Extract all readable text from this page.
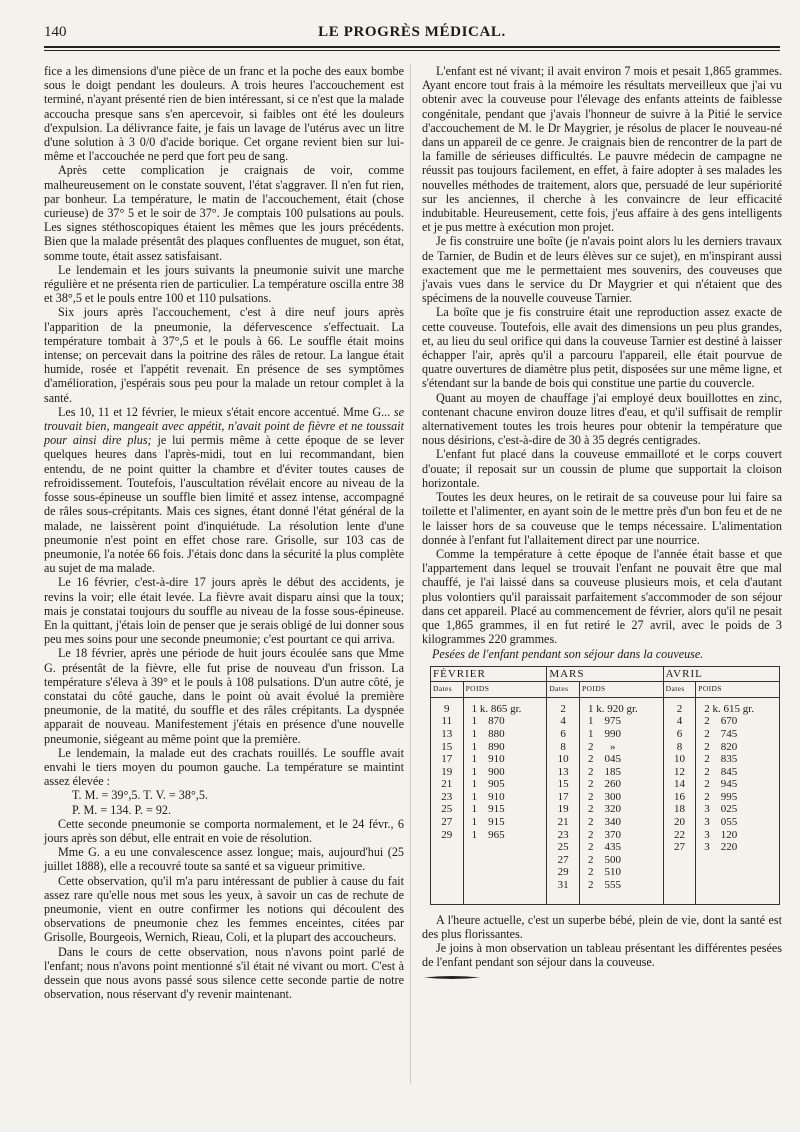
140	LE PROGRÈS MÉDICAL.

fice a les dimensions d'une pièce de un franc et la poche des eaux bombe sous le doigt pendant les douleurs. A trois heures l'accouchement est terminé, n'ayant présenté rien de bien intéressant, si ce n'est que la malade accoucha presque sans s'en apercevoir, si faibles ont été les douleurs d'expulsion. La délivrance faite, je fais un lavage de l'utérus avec un litre d'une solution à 3 0/0 d'acide borique. Cet organe revient bien sur lui-même et l'accouchée ne perd que fort peu de sang.

Après cette complication je craignais de voir, comme malheureusement on le constate souvent, l'état s'aggraver. Il n'en fut rien, par bonheur. La température, le matin de l'accouchement, était (chose curieuse) de 37° 5 et le soir de 37°. Je comptais 100 pulsations au pouls. Les signes stéthoscopiques étaient les mêmes que les jours précédents. Bien que la malade présentât des plaques confluentes de muguet, son état, somme toute, était assez satisfaisant.

Le lendemain et les jours suivants la pneumonie suivit une marche régulière et ne présenta rien de particulier. La température oscilla entre 38 et 38°,5 et le pouls entre 100 et 110 pulsations.

Six jours après l'accouchement, c'est à dire neuf jours après l'apparition de la pneumonie, la défervescence s'effectuait. La température tombait à 37°,5 et le pouls à 66. Le souffle était moins intense; on percevait dans la poitrine des râles de retour. La langue était humide, rosée et l'appétit revenait. En présence de ses symptômes d'amélioration, j'espérais sous peu pour la malade un retour complet à la santé.

Les 10, 11 et 12 février, le mieux s'était encore accentué. Mme G... se trouvait bien, mangeait avec appétit, n'avait point de fièvre et ne toussait pour ainsi dire plus; je lui permis même à cette époque de se lever quelques heures dans l'après-midi, tout en lui recommandant, bien entendu, de ne point quitter la chambre et d'éviter toutes causes de refroidissement. Toutefois, l'auscultation révélait encore au niveau de la fosse sous-épineuse un souffle bien limité et assez intense, accompagné de râles sous-crépitants. Mais ces signes, étant donné l'état général de la malade, ne laissèrent point d'inquiétude. La résolution lente d'une pneumonie n'est point en effet chose rare. Grisolle, sur 103 cas de pneumonie, l'a notée 66 fois. J'étais donc dans la sécurité la plus complète au sujet de ma malade.

Le 16 février, c'est-à-dire 17 jours après le début des accidents, je revins la voir; elle était levée. La fièvre avait disparu ainsi que la toux; mais je constatai toujours du souffle au niveau de la fosse sous-épineuse. En la quittant, j'étais loin de penser que je serais obligé de lui donner sous peu mes soins pour une seconde pneumonie; c'est pourtant ce qui arriva.

Le 18 février, après une période de huit jours écoulée sans que Mme G. présentât de la fièvre, elle fut prise de nouveau d'un frisson. La température s'éleva à 39° et le pouls à 108 pulsations. D'un autre côté, je constatai du côté gauche, dans le point où avait évolué la première pneumonie, de la matité, du souffle et des râles crépitants. La dyspnée apparait de nouveau. Manifestement j'étais en présence d'une nouvelle pneumonie, siégeant au même point que la première.

Le lendemain, la malade eut des crachats rouillés. Le souffle avait envahi le tiers moyen du poumon gauche. La température se maintint assez élevée :

T. M. = 39°,5. T. V. = 38°,5.

P. M. = 134. P. = 92.

Cette seconde pneumonie se comporta normalement, et le 24 févr., 6 jours après son début, elle entrait en voie de résolution.

Mme G. a eu une convalescence assez longue; mais, aujourd'hui (25 juillet 1888), elle a recouvré toute sa santé et sa vigueur primitive.

Cette observation, qu'il m'a paru intéressant de publier à cause du fait assez rare qu'elle nous met sous les yeux, à savoir un cas de rechute de pneumonie, vient en outre confirmer les notions qui découlent des observations de pneumonie chez les femmes enceintes, citées par Grisolle, Bourgeois, Wernich, Rieau, Coli, et la plupart des accoucheurs.

Dans le cours de cette observation, nous n'avons point parlé de l'enfant; nous n'avons point mentionné s'il était né vivant ou mort. C'est à dessein que nous avons passé sous silence cette seconde partie de notre observation, nous réservant d'y revenir maintenant.

L'enfant est né vivant; il avait environ 7 mois et pesait 1,865 grammes. Ayant encore tout frais à la mémoire les résultats merveilleux que j'ai vu obtenir avec la couveuse pour l'élevage des enfants atteints de faiblesse congénitale, pendant que j'avais l'honneur de suivre à la Pitié le service d'accouchement de M. le Dr Maygrier, je résolus de placer le nouveau-né dans un appareil de ce genre. Je craignais bien de rencontrer de la part de la famille de sérieuses difficultés. Le pauvre médecin de campagne ne réussit pas toujours facilement, en effet, à faire adopter à ses malades les nouvelles méthodes de traitement, alors que, persuadé de leur supériorité sur les anciennes, il cherche à les convaincre de leur efficacité indubitable. Heureusement, cette fois, j'eus affaire à des gens intelligents et je pus mettre à exécution mon projet.

Je fis construire une boîte (je n'avais point alors lu les derniers travaux de Tarnier, de Budin et de leurs élèves sur ce sujet), en m'inspirant aussi exactement que me le permettaient mes souvenirs, des couveuses que j'avais vues dans le service du Dr Maygrier et qui n'étaient que des spécimens de la nouvelle couveuse Tarnier.

La boîte que je fis construire était une reproduction assez exacte de cette couveuse. Toutefois, elle avait des dimensions un peu plus grandes, et, au lieu du seul orifice qui dans la couveuse Tarnier est destiné à laisser échapper l'air, après qu'il a parcouru l'appareil, elle était pourvue de quatre ouvertures de diamètre plus petit, disposées sur une même ligne, et s'étendant sur la bande de bois qui constitue une partie du couvercle.

Quant au moyen de chauffage j'ai employé deux bouillottes en zinc, contenant chacune environ douze litres d'eau, et qu'il suffisait de remplir alternativement toutes les trois heures pour obtenir la température que nous désirions, c'est-à-dire de 30 à 35 degrés centigrades.

L'enfant fut placé dans la couveuse emmailloté et le corps couvert d'ouate; il reposait sur un coussin de plume que supportait la cloison horizontale.

Toutes les deux heures, on le retirait de sa couveuse pour lui faire sa toilette et l'alimenter, en ayant soin de le mettre près d'un bon feu et de ne le laisser hors de sa couveuse que le temps nécessaire. L'alimentation donnée à l'enfant fut l'allaitement direct par une nourrice.

Comme la température à cette époque de l'année était basse et que l'appartement dans lequel se trouvait l'enfant ne pouvait être que mal chauffé, je l'ai laissé dans sa couveuse plusieurs mois, et cela d'autant plus volontiers qu'il paraissait parfaitement s'accommoder de son séjour dans cet appareil. Placé au commencement de février, alors qu'il ne pesait que 1,865 grammes, il en fut retiré le 27 avril, avec le poids de 3 kilogrammes 220 grammes.

Pesées de l'enfant pendant son séjour dans la couveuse.

FÉVRIER		MARS		AVRIL	
Dates	POIDS	Dates	POIDS	Dates	POIDS
9	1 k. 865 gr.	2	1 k. 920 gr.	2	2 k. 615 gr.
11	1    870	4	1    975	4	2    670
13	1    880	6	1    990	6	2    745
15	1    890	8	2      »	8	2    820
17	1    910	10	2    045	10	2    835
19	1    900	13	2    185	12	2    845
21	1    905	15	2    260	14	2    945
23	1    910	17	2    300	16	2    995
25	1    915	19	2    320	18	3    025
27	1    915	21	2    340	20	3    055
29	1    965	23	2    370	22	3    120
		25	2    435	27	3    220
		27	2    500		
		29	2    510		
		31	2    555		

A l'heure actuelle, c'est un superbe bébé, plein de vie, dont la santé est des plus florissantes.

Je joins à mon observation un tableau présentant les différentes pesées de l'enfant pendant son séjour dans la couveuse.
